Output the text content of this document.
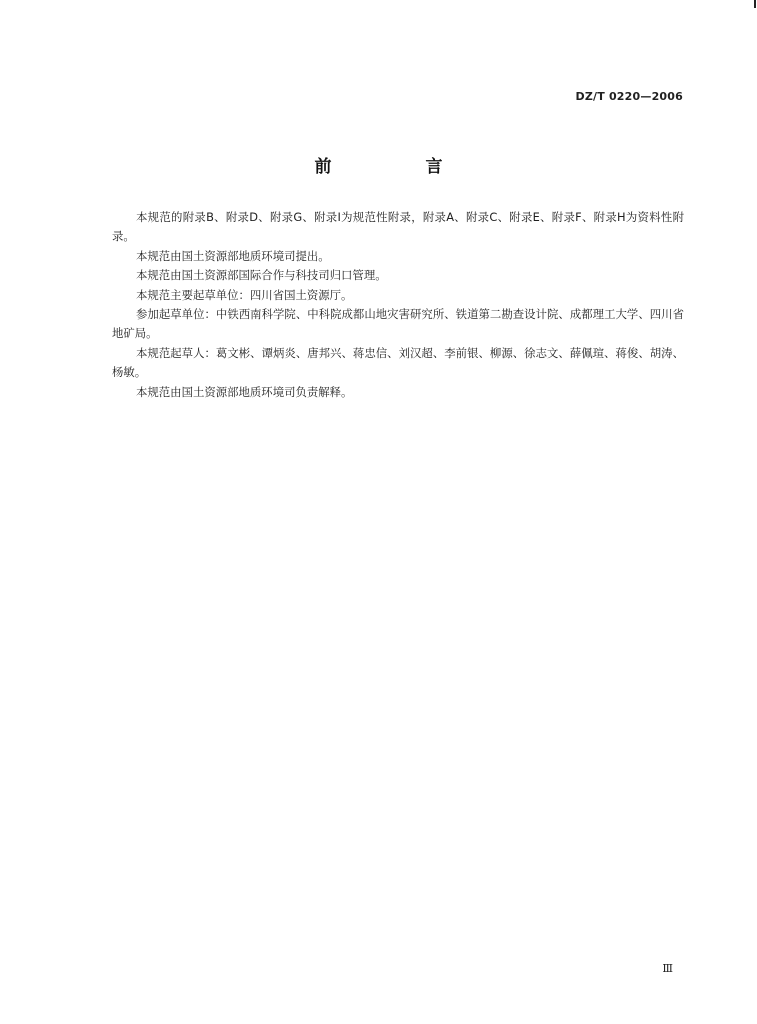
DZ/T 0220—2006
前 言

本规范的附录B、附录D、附录G、附录I为规范性附录，附录A、附录C、附录E、附录F、附录H为资料性附录。

本规范由国土资源部地质环境司提出。

本规范由国土资源部国际合作与科技司归口管理。

本规范主要起草单位：四川省国土资源厅。

参加起草单位：中铁西南科学院、中科院成都山地灾害研究所、铁道第二勘查设计院、成都理工大学、四川省地矿局。

本规范起草人：葛文彬、谭炳炎、唐邦兴、蒋忠信、刘汉超、李前银、柳源、徐志文、薛佩瑄、蒋俊、胡涛、杨敏。

本规范由国土资源部地质环境司负责解释。

Ⅲ
